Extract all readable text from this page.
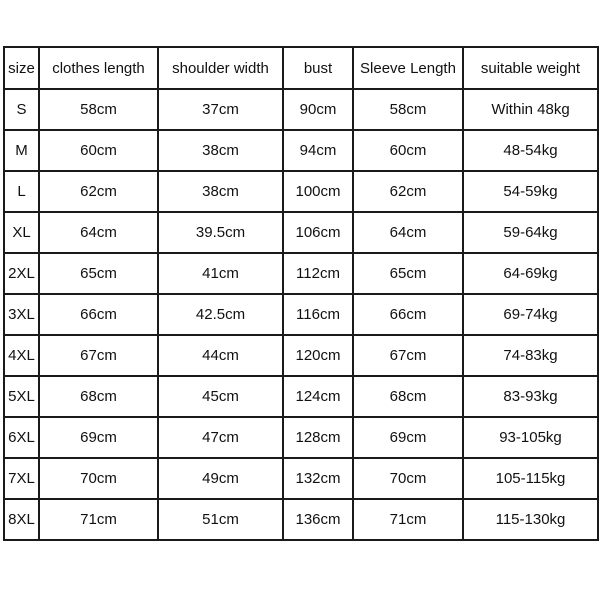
size	clothes length	shoulder width	bust	Sleeve Length	suitable weight
S	58cm	37cm	90cm	58cm	Within 48kg
M	60cm	38cm	94cm	60cm	48-54kg
L	62cm	38cm	100cm	62cm	54-59kg
XL	64cm	39.5cm	106cm	64cm	59-64kg
2XL	65cm	41cm	112cm	65cm	64-69kg
3XL	66cm	42.5cm	116cm	66cm	69-74kg
4XL	67cm	44cm	120cm	67cm	74-83kg
5XL	68cm	45cm	124cm	68cm	83-93kg
6XL	69cm	47cm	128cm	69cm	93-105kg
7XL	70cm	49cm	132cm	70cm	105-115kg
8XL	71cm	51cm	136cm	71cm	115-130kg
